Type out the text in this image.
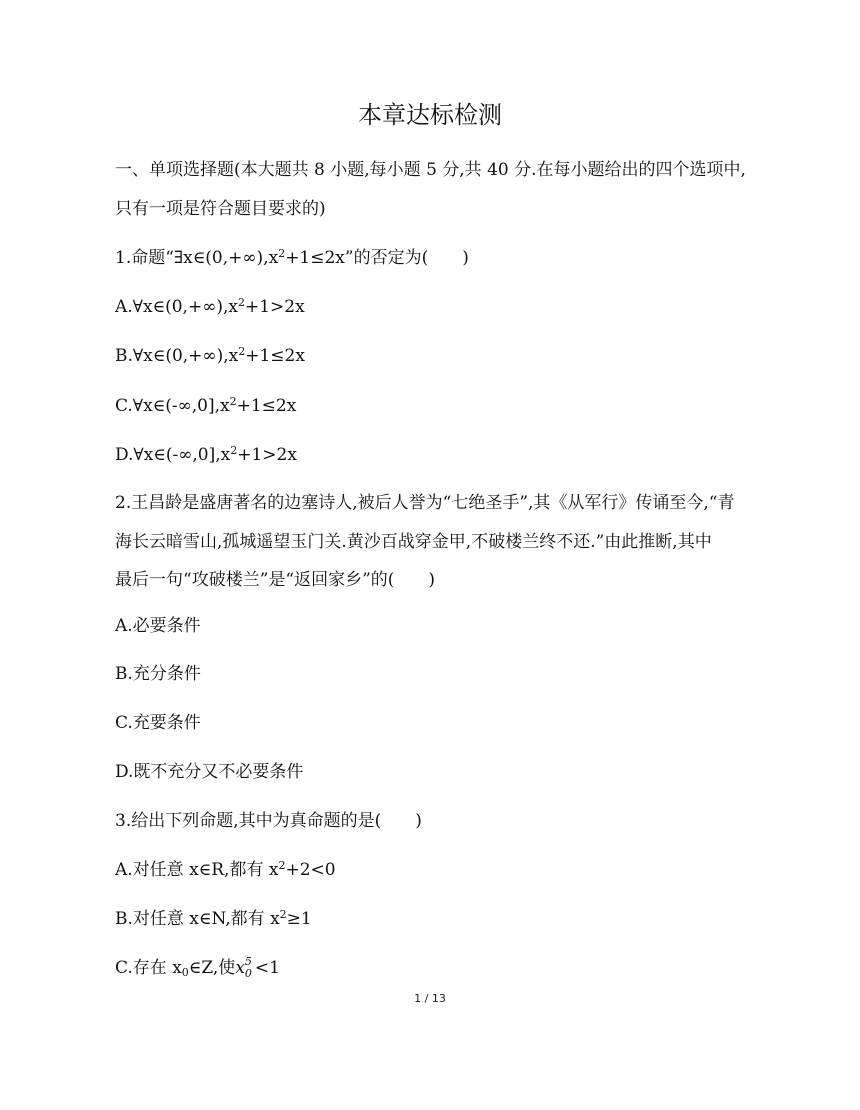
本章达标检测
一、单项选择题(本大题共 8 小题,每小题 5 分,共 40 分.在每小题给出的四个选项中,
只有一项是符合题目要求的)
1.命题“$\exists x\in(0,+\infty),x^2+1\le 2x$”的否定为(　　)
$A.\forall x\in(0,+\infty),x^2+1>2x$
$B.\forall x\in(0,+\infty),x^2+1\le 2x$
$C.\forall x\in(-\infty,0],x^2+1\le 2x$
$D.\forall x\in(-\infty,0],x^2+1>2x$
2.王昌龄是盛唐著名的边塞诗人,被后人誉为“七绝圣手”,其《从军行》传诵至今,“青
海长云暗雪山,孤城遥望玉门关.黄沙百战穿金甲,不破楼兰终不还.”由此推断,其中
最后一句“攻破楼兰”是“返回家乡”的(　　)
A.必要条件
B.充分条件
C.充要条件
D.既不充分又不必要条件
3.给出下列命题,其中为真命题的是(　　)
A.对任意 x∈R,都有 $x^2+2<0$
B.对任意 x∈N,都有 $x^2\ge 1$
C.存在 $x_0\in Z$,使x 5
0 <1
1 / 13
